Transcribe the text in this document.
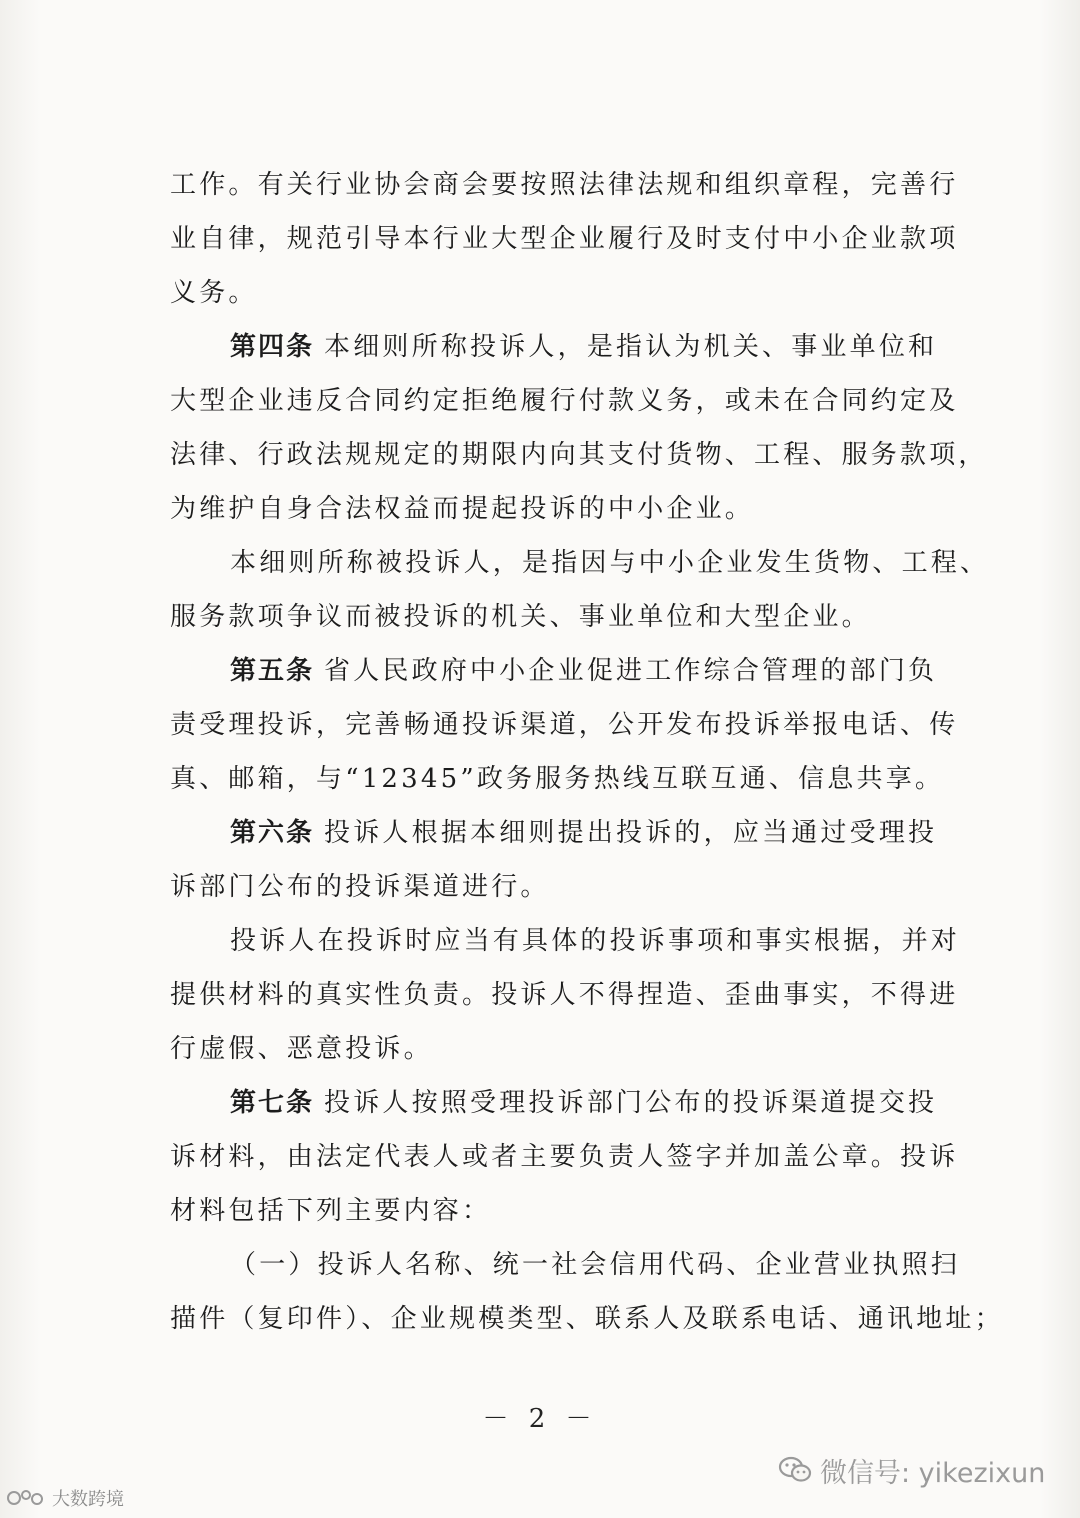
工作。有关行业协会商会要按照法律法规和组织章程，完善行
业自律，规范引导本行业大型企业履行及时支付中小企业款项
义务。
第四条 本细则所称投诉人，是指认为机关、事业单位和
大型企业违反合同约定拒绝履行付款义务，或未在合同约定及
法律、行政法规规定的期限内向其支付货物、工程、服务款项，
为维护自身合法权益而提起投诉的中小企业。
本细则所称被投诉人，是指因与中小企业发生货物、工程、
服务款项争议而被投诉的机关、事业单位和大型企业。
第五条 省人民政府中小企业促进工作综合管理的部门负
责受理投诉，完善畅通投诉渠道，公开发布投诉举报电话、传
真、邮箱，与“12345”政务服务热线互联互通、信息共享。
第六条 投诉人根据本细则提出投诉的，应当通过受理投
诉部门公布的投诉渠道进行。
投诉人在投诉时应当有具体的投诉事项和事实根据，并对
提供材料的真实性负责。投诉人不得捏造、歪曲事实，不得进
行虚假、恶意投诉。
第七条 投诉人按照受理投诉部门公布的投诉渠道提交投
诉材料，由法定代表人或者主要负责人签字并加盖公章。投诉
材料包括下列主要内容：
（一）投诉人名称、统一社会信用代码、企业营业执照扫
描件（复印件）、企业规模类型、联系人及联系电话、通讯地址；
－ 2 －
大数跨境
微信号: yikezixun
